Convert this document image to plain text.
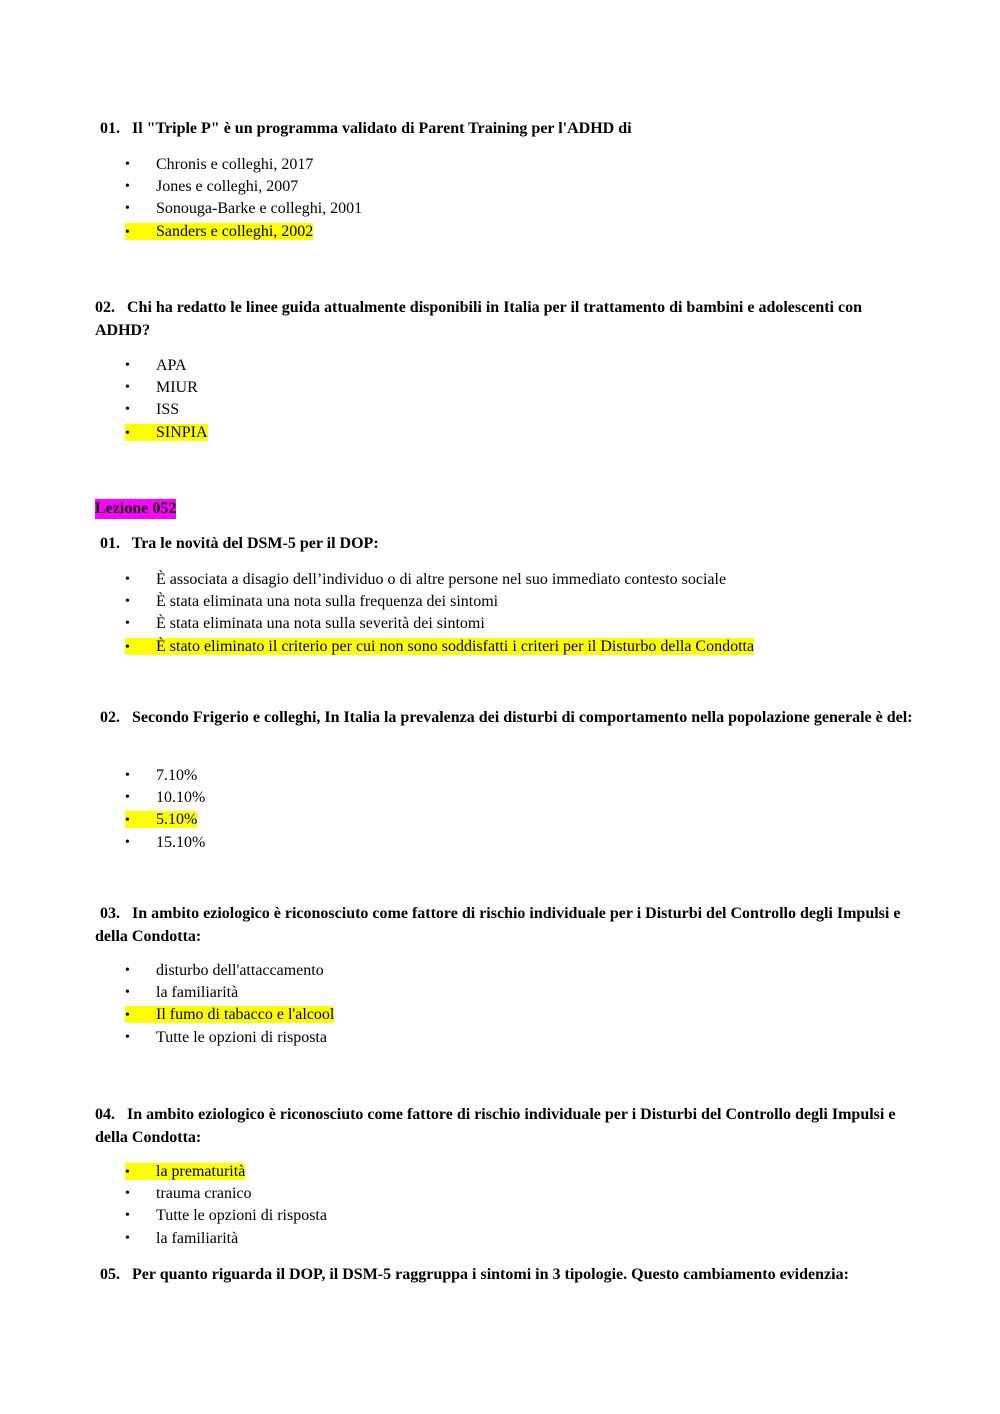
01. Il "Triple P" è un programma validato di Parent Training per l'ADHD di
•	Chronis e colleghi, 2017
•	Jones e colleghi, 2007
•	Sonouga-Barke e colleghi, 2001
• Sanders e colleghi, 2002
02. Chi ha redatto le linee guida attualmente disponibili in Italia per il trattamento di bambini e adolescenti con ADHD?
•	APA
•	MIUR
•	ISS
• SINPIA
Lezione 052
01. Tra le novità del DSM-5 per il DOP:
•	È associata a disagio dell’individuo o di altre persone nel suo immediato contesto sociale
•	È stata eliminata una nota sulla frequenza dei sintomi
•	È stata eliminata una nota sulla severità dei sintomi
• È stato eliminato il criterio per cui non sono soddisfatti i criteri per il Disturbo della Condotta
02. Secondo Frigerio e colleghi, In Italia la prevalenza dei disturbi di comportamento nella popolazione generale è del:
•	7.10%
•	10.10%
• 5.10%
•	15.10%
03. In ambito eziologico è riconosciuto come fattore di rischio individuale per i Disturbi del Controllo degli Impulsi e della Condotta:
•	disturbo dell'attaccamento
•	la familiarità
• Il fumo di tabacco e l'alcool
•	Tutte le opzioni di risposta
04. In ambito eziologico è riconosciuto come fattore di rischio individuale per i Disturbi del Controllo degli Impulsi e della Condotta:
• la prematurità
•	trauma cranico
•	Tutte le opzioni di risposta
•	la familiarità
05. Per quanto riguarda il DOP, il DSM-5 raggruppa i sintomi in 3 tipologie. Questo cambiamento evidenzia:
